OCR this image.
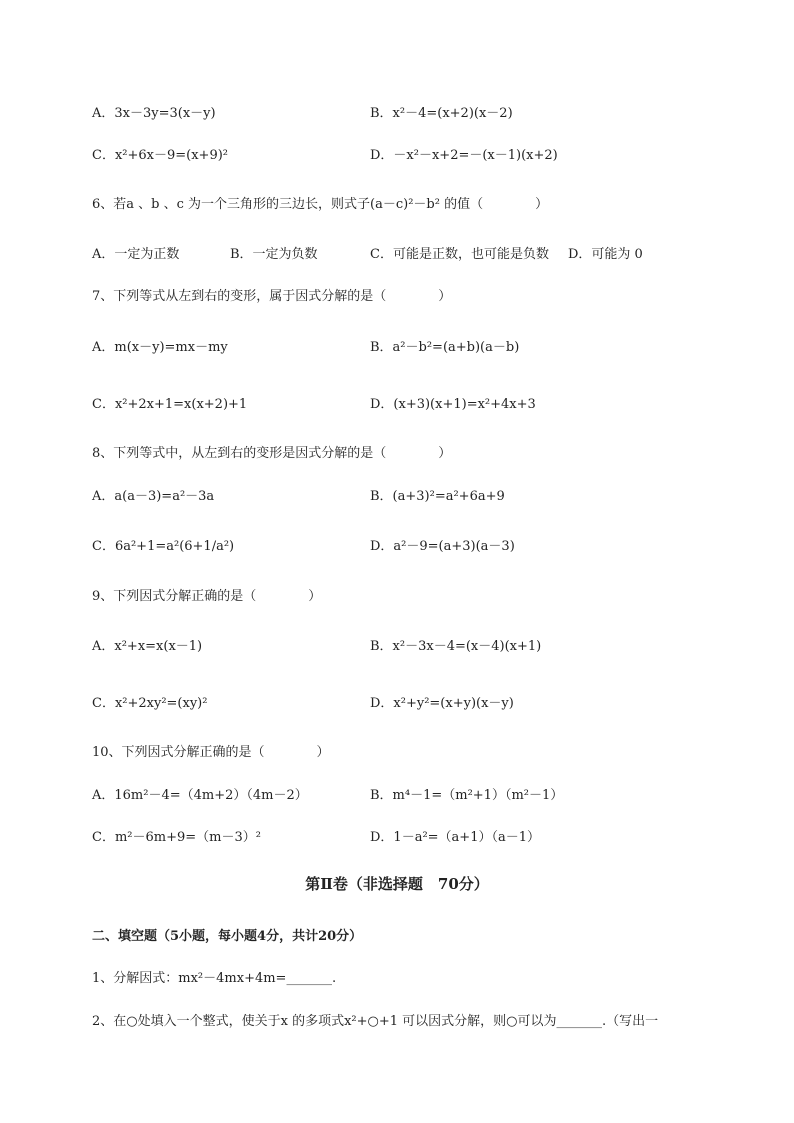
A．3x－3y=3(x－y)	B．x²－4=(x+2)(x－2)
C．x²+6x－9=(x+9)²	D．－x²－x+2=－(x－1)(x+2)
6、若a 、b 、c 为一个三角形的三边长，则式子(a－c)²－b² 的值（　　　　）
A．一定为正数	B．一定为负数	C．可能是正数，也可能是负数 D．可能为 0
7、下列等式从左到右的变形，属于因式分解的是（　　　　）
A．m(x－y)=mx－my	B．a²－b²=(a+b)(a－b)
C．x²+2x+1=x(x+2)+1	D．(x+3)(x+1)=x²+4x+3
8、下列等式中，从左到右的变形是因式分解的是（　　　　）
A．a(a－3)=a²－3a	B．(a+3)²=a²+6a+9
C．6a²+1=a²(6+1/a²)	D．a²－9=(a+3)(a－3)
9、下列因式分解正确的是（　　　　）
A．x²+x=x(x－1)	B．x²－3x－4=(x－4)(x+1)
C．x²+2xy²=(xy)²	D．x²+y²=(x+y)(x－y)
10、下列因式分解正确的是（　　　　）
A．16m²－4=（4m+2）（4m－2）	B．m⁴－1=（m²+1）（m²－1）
C．m²－6m+9=（m－3）²	D．1－a²=（a+1）（a－1）
第Ⅱ卷（非选择题　70分）
二、填空题（5小题，每小题4分，共计20分）
1、分解因式：mx²－4mx+4m=_______.
2、在○处填入一个整式，使关于x 的多项式x²+○+1 可以因式分解，则○可以为_______.（写出一
